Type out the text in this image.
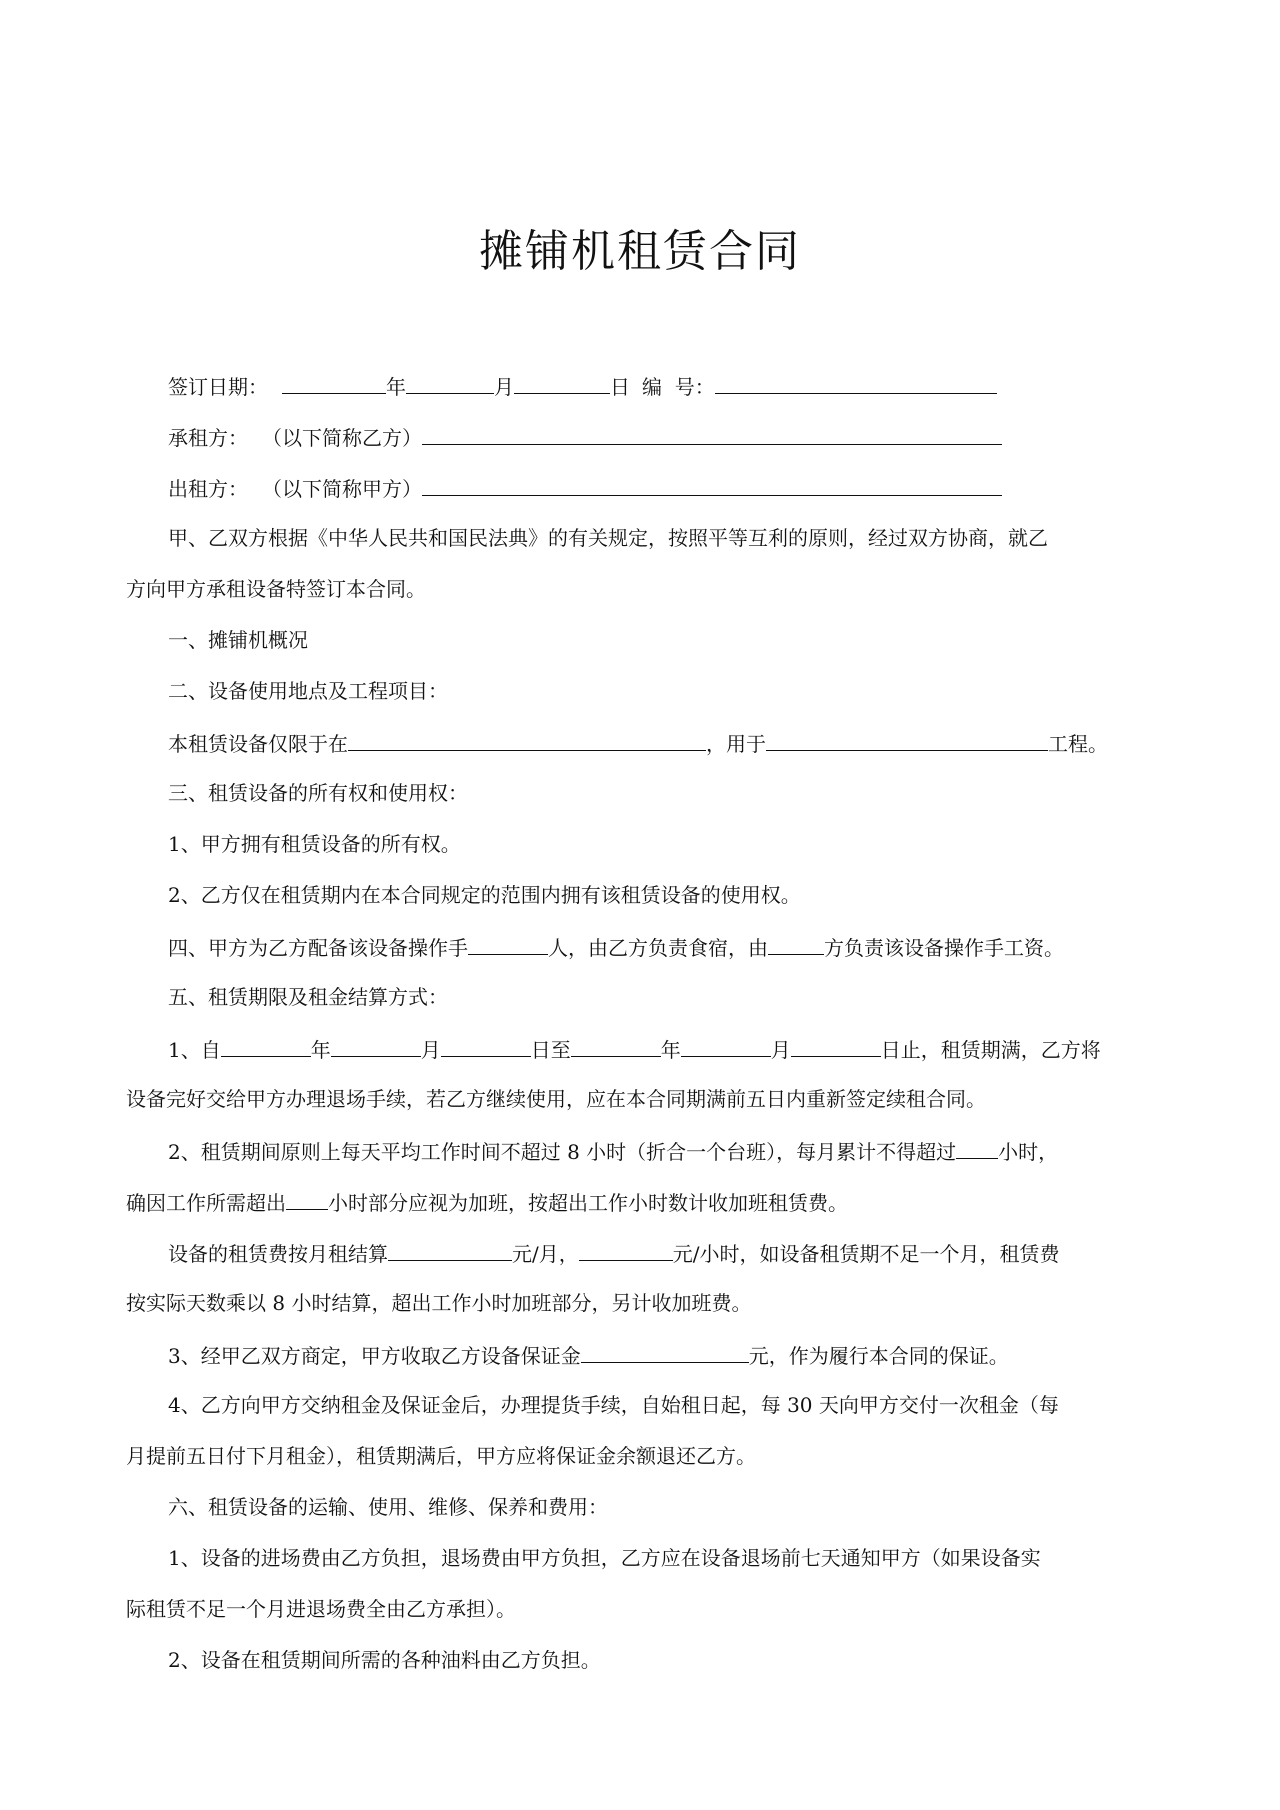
摊铺机租赁合同
签订日期：	年	月	日 编  号：
承租方： （以下简称乙方）
出租方： （以下简称甲方）
甲、乙双方根据《中华人民共和国民法典》的有关规定，按照平等互利的原则，经过双方协商，就乙
方向甲方承租设备特签订本合同。
一、摊铺机概况
二、设备使用地点及工程项目：
本租赁设备仅限于在	，用于	工程。
三、租赁设备的所有权和使用权：
1、甲方拥有租赁设备的所有权。
2、乙方仅在租赁期内在本合同规定的范围内拥有该租赁设备的使用权。
四、甲方为乙方配备该设备操作手	人，由乙方负责食宿，由	方负责该设备操作手工资。
五、租赁期限及租金结算方式：
1、自	年	月	日至	年	月	日止，租赁期满，乙方将
设备完好交给甲方办理退场手续，若乙方继续使用，应在本合同期满前五日内重新签定续租合同。
2、租赁期间原则上每天平均工作时间不超过 8 小时（折合一个台班），每月累计不得超过 小时，
确因工作所需超出 小时部分应视为加班，按超出工作小时数计收加班租赁费。
设备的租赁费按月租结算	元/月，	元/小时，如设备租赁期不足一个月，租赁费
按实际天数乘以 8 小时结算，超出工作小时加班部分，另计收加班费。
3、经甲乙双方商定，甲方收取乙方设备保证金	元，作为履行本合同的保证。
4、乙方向甲方交纳租金及保证金后，办理提货手续，自始租日起，每 30 天向甲方交付一次租金（每
月提前五日付下月租金），租赁期满后，甲方应将保证金余额退还乙方。
六、租赁设备的运输、使用、维修、保养和费用：
1、设备的进场费由乙方负担，退场费由甲方负担，乙方应在设备退场前七天通知甲方（如果设备实
际租赁不足一个月进退场费全由乙方承担）。
2、设备在租赁期间所需的各种油料由乙方负担。
